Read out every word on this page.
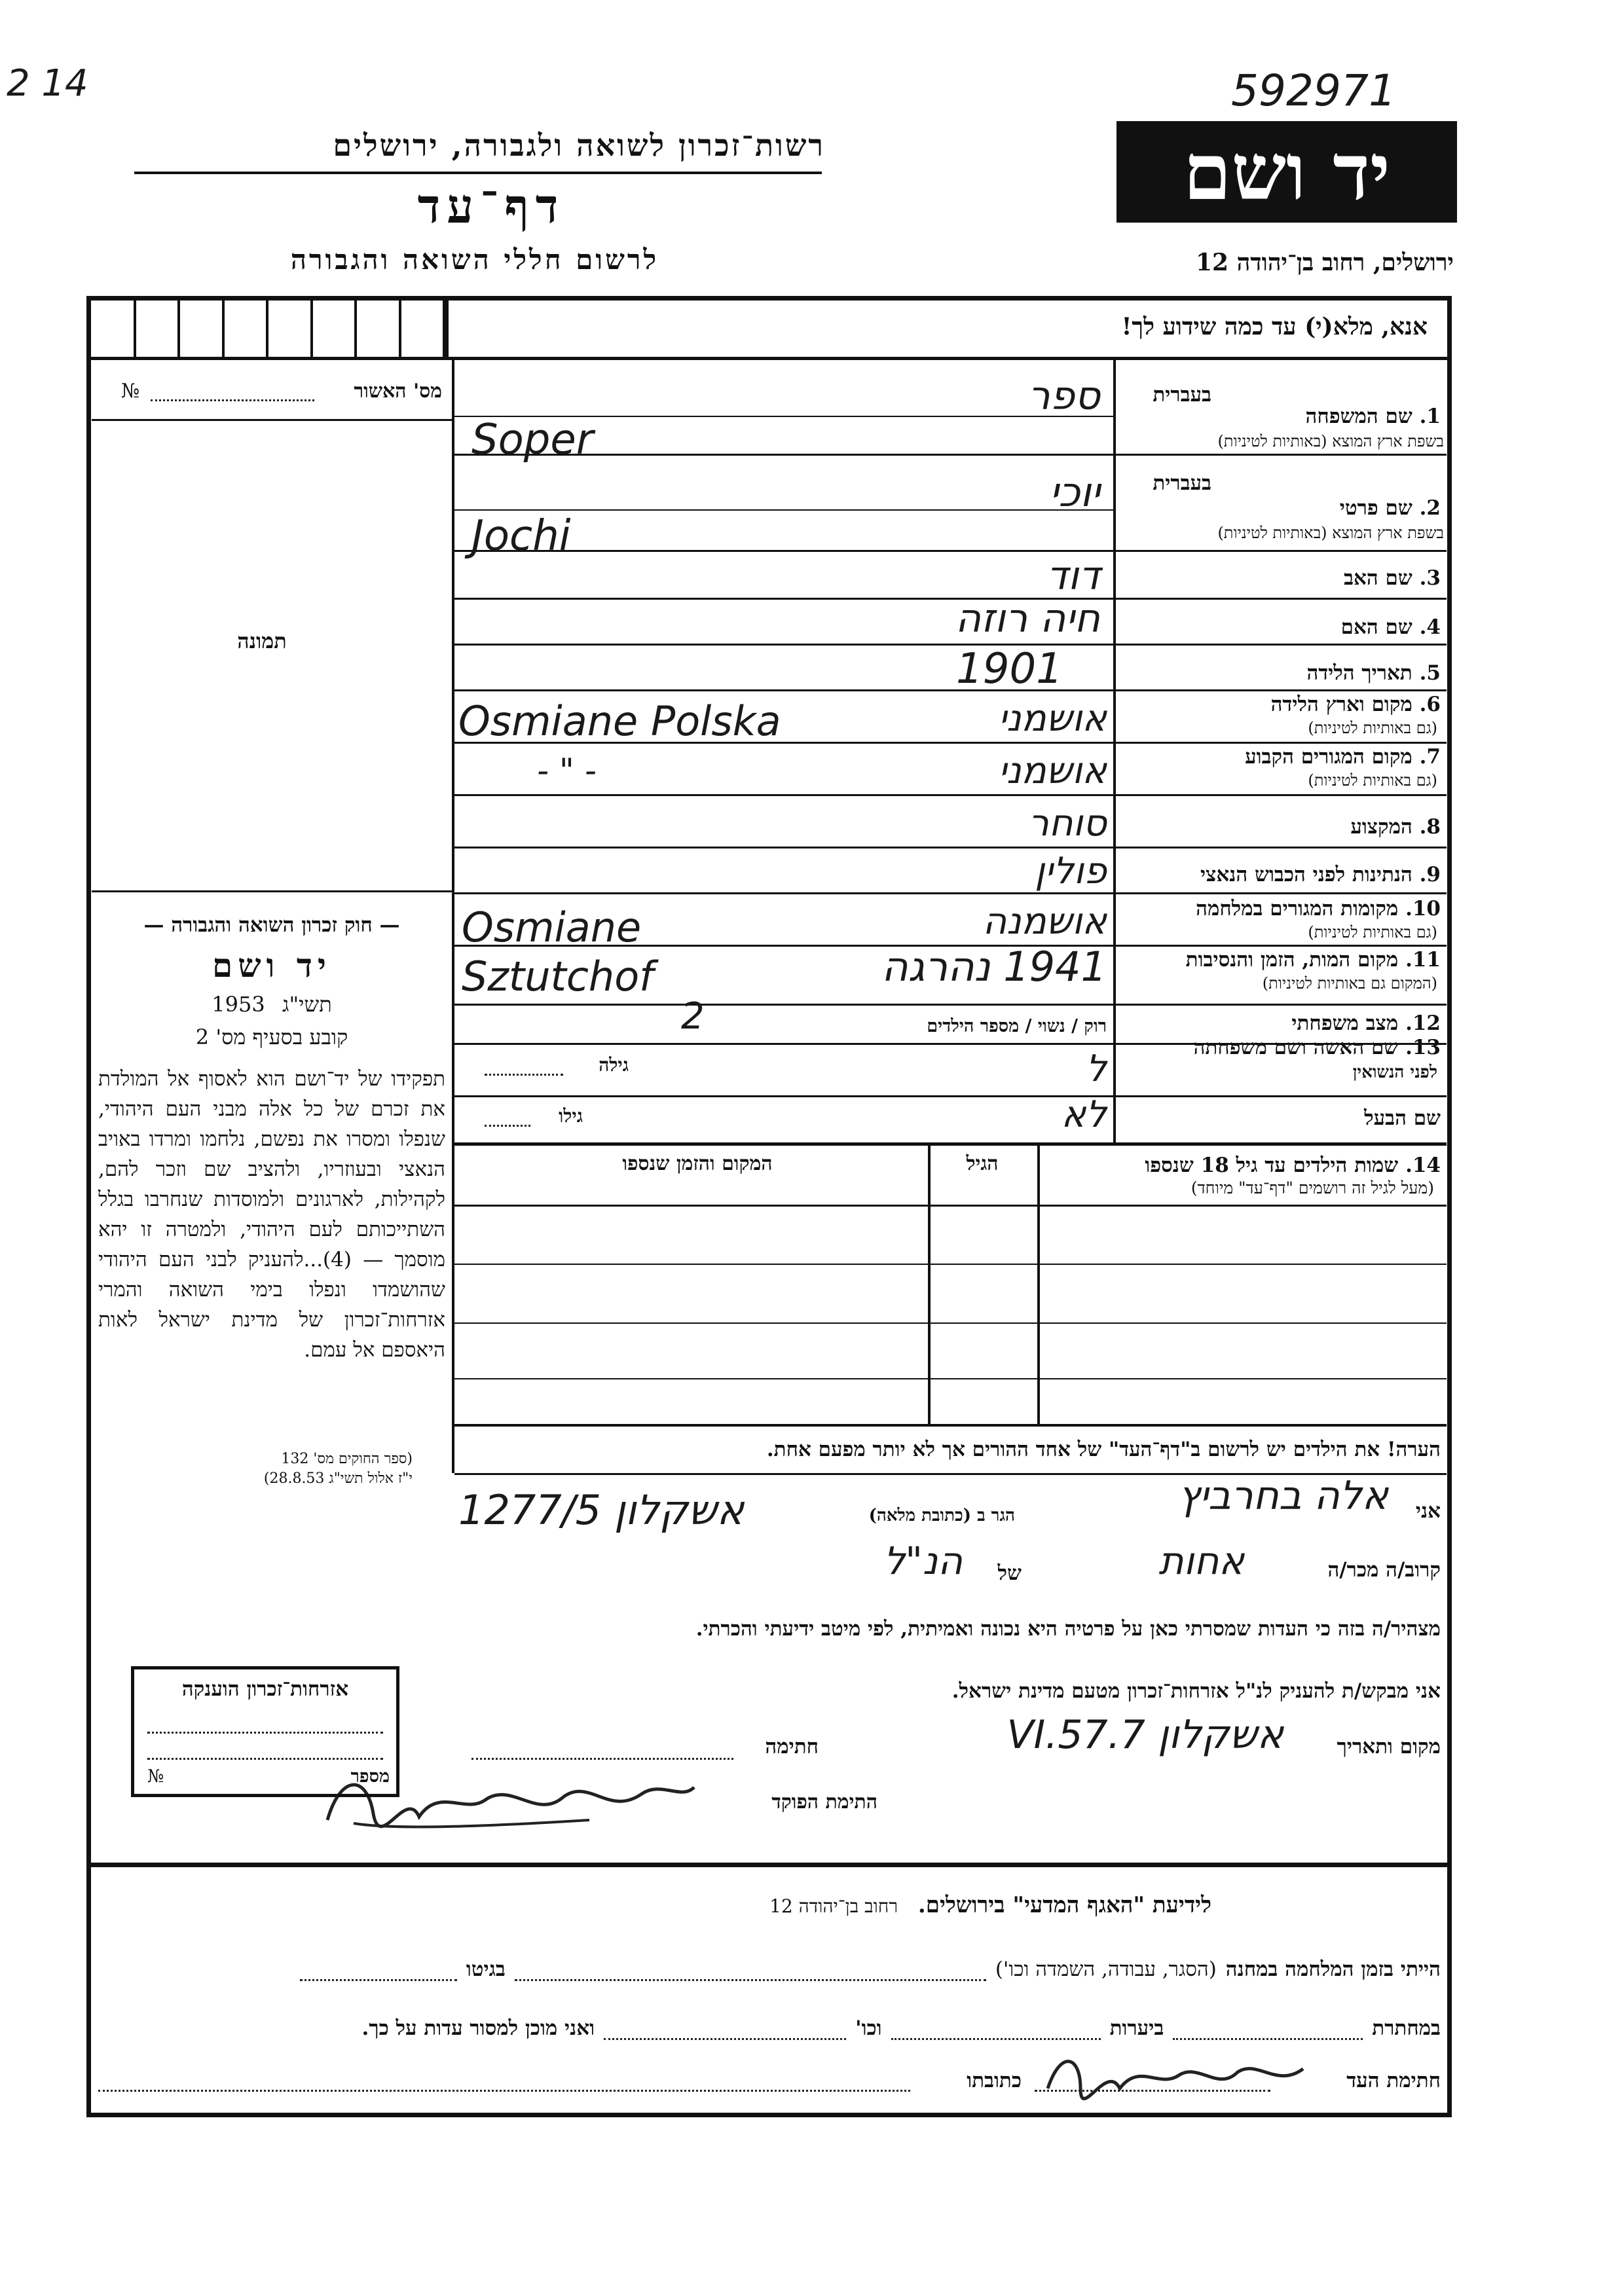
2 14	592971
יד ושם
ירושלים, רחוב בן־יהודה 12
רשות־זכרון לשואה ולגבורה, ירושלים
דף־עד
לרשום חללי השואה והגבורה
אנא, מלא(י) עד כמה שידוע לך!
מס' האשור
№
תמונה
— חוק זכרון השואה והגבורה —
יד ושם
1953 תשי"ג
קובע בסעיף מס' 2
תפקידו של יד־ושם הוא לאסוף אל המולדת את זכרם של כל אלה מבני העם היהודי, שנפלו ומסרו את נפשם, נלחמו ומרדו באויב הנאצי ובעוזריו, ולהציב שם וזכר להם, לקהילות, לארגונים ולמוסדות שנחרבו בגלל השתייכותם לעם היהודי, ולמטרה זו יהא מוסמך — (4)...להעניק לבני העם היהודי שהושמדו ונפלו בימי השואה והמרי אזרחות־זכרון של מדינת ישראל לאות היאספם אל עמם.
(ספר החוקים מס' 132
י"ז אלול תשי"ג 28.8.53)
בעברית
1. שם המשפחה
בשפת ארץ המוצא (באותיות לטיניות)
ספר
Soper
בעברית
2. שם פרטי
בשפת ארץ המוצא (באותיות לטיניות)
יוכי
Jochi
3. שם האב
דוד
4. שם האם
חיה רוזה
5. תאריך הלידה
1901
6. מקום וארץ הלידה
(גם באותיות לטיניות)
אושמני
Osmiane Polska
7. מקום המגורים הקבוע
(גם באותיות לטיניות)
אושמני
- " -
8. המקצוע
סוחר
9. הנתינות לפני הכבוש הנאצי
פולין
10. מקומות המגורים במלחמה
(גם באותיות לטיניות)
אושמנה
Osmiane
11. מקום המות, הזמן והנסיבות
(המקום גם באותיות לטיניות)
1941 נהרגה
Sztutchof
12. מצב משפחתי
רוק / נשוי / מספר הילדים
2
13. שם האשה ושם משפחתה
לפני הנשואין
גילה	ל
שם הבעל
גילו	לא
14. שמות הילדים עד גיל 18 שנספו
(מעל לגיל זה רושמים "דף־עד" מיוחד)
הגיל
המקום והזמן שנספו
הערה! את הילדים יש לרשום ב"דף־העד" של אחד ההורים אך לא יותר מפעם אחת.
אני
אלה בחרביץ
הגר ב (כתובת מלאה)
אשקלון 1277/5
קרוב/ה מכר/ה
אחות
של
הנ"ל
מצהיר/ה בזה כי העדות שמסרתי כאן על פרטיה היא נכונה ואמיתית, לפי מיטב ידיעתי והכרתי.
אני מבקש/ת להעניק לנ"ל אזרחות־זכרון מטעם מדינת ישראל.
מקום ותאריך
אשקלון 7.VI.57
חתימה
התימת הפוקד
אזרחות־זכרון הוענקה
מספר
№
לידיעת "האגף המדעי" בירושלים. רחוב בן־יהודה 12
הייתי בזמן המלחמה במחנה
(הסגר, עבודה, השמדה וכו')
בגיטו
במחתרת
ביערות
וכו'
ואני מוכן למסור עדות על כך.
חתימת העד
כתובתו
